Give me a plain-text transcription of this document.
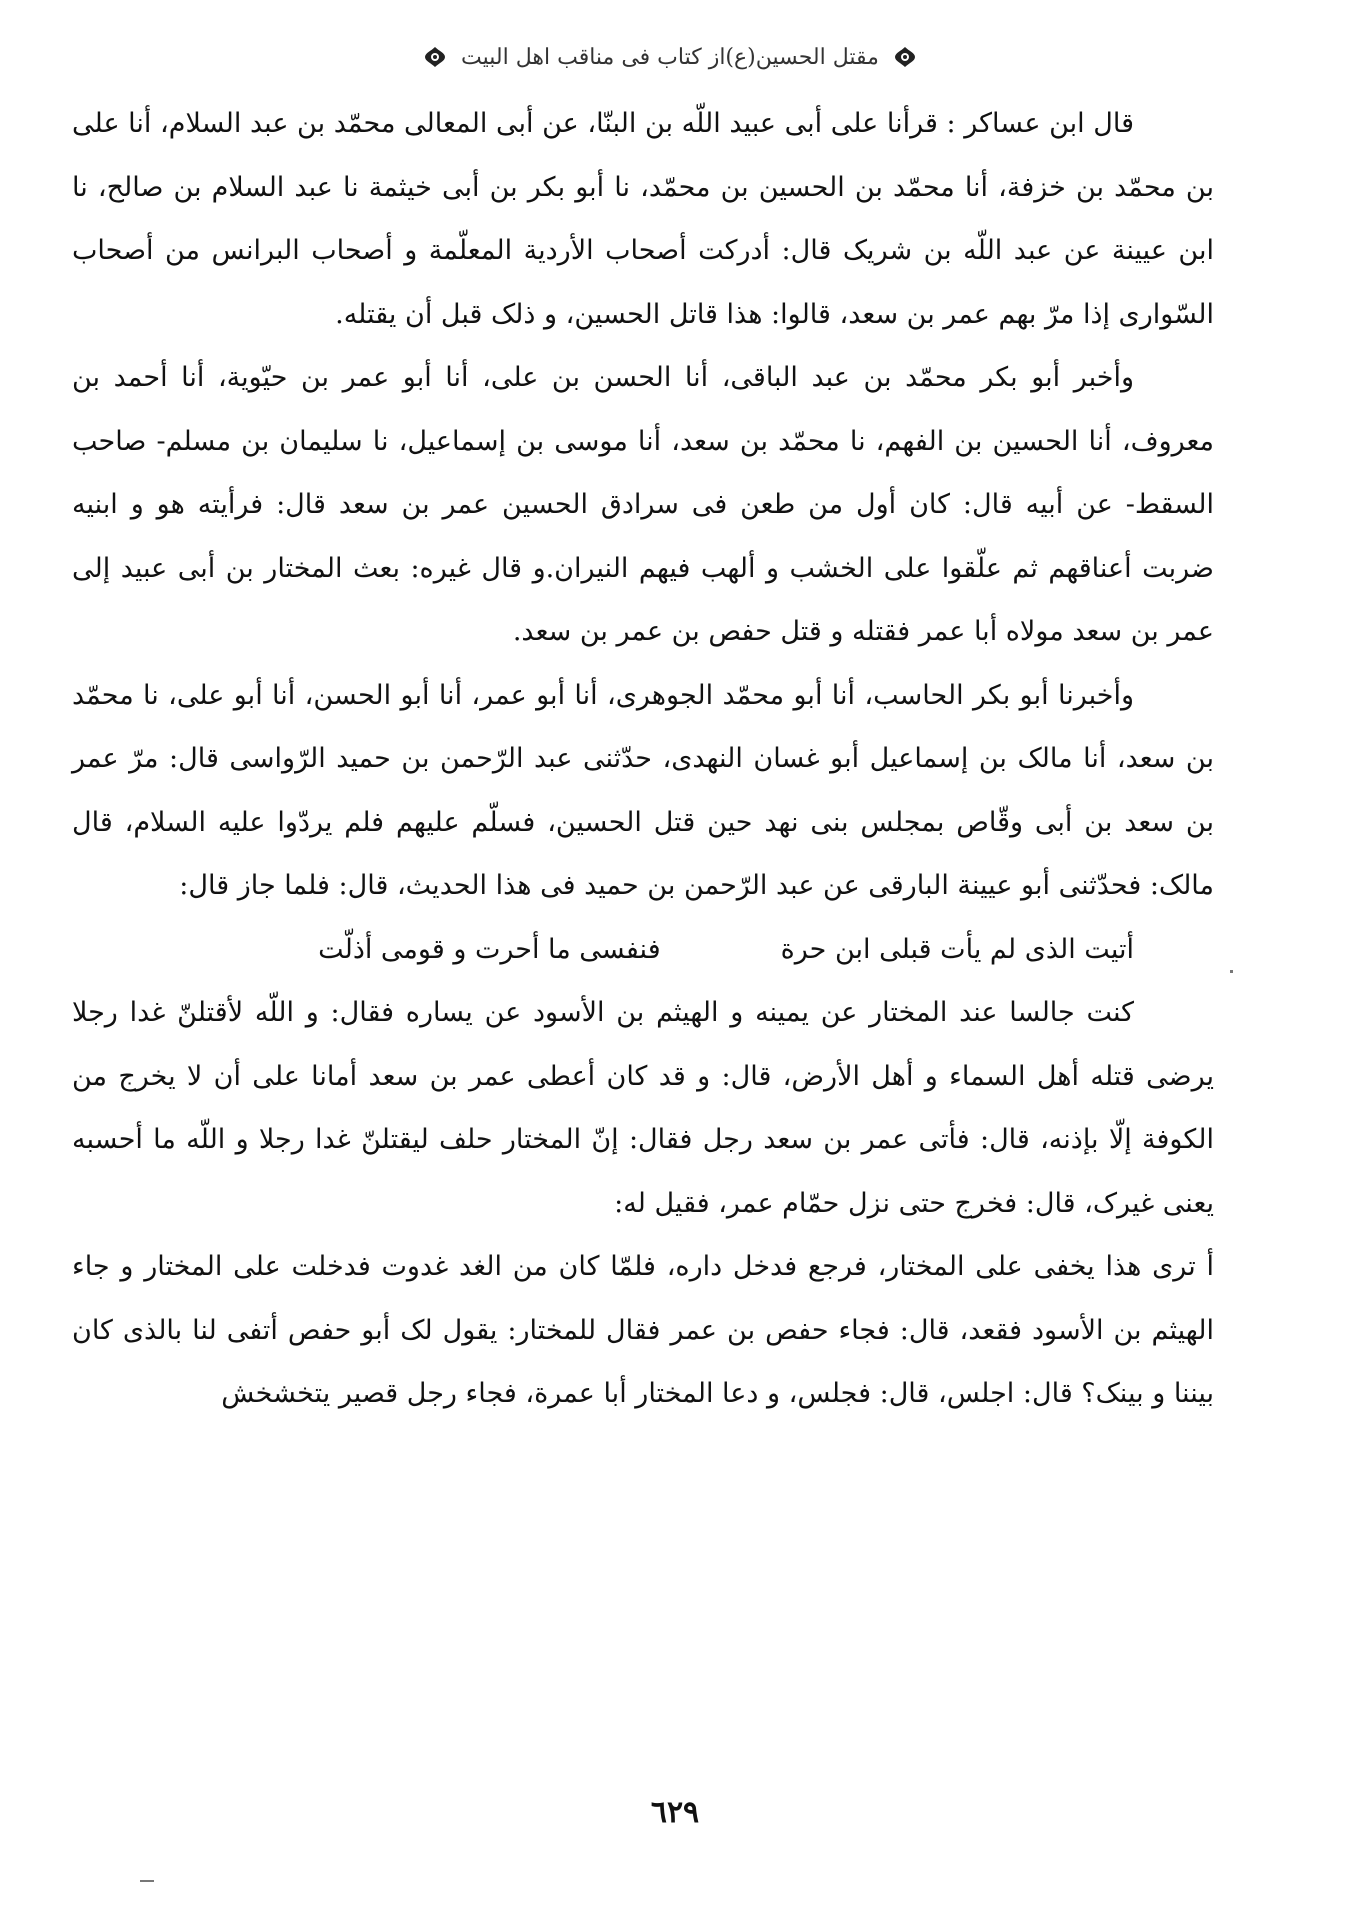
مقتل الحسين(ع)از كتاب فى مناقب اهل البيت

قال ابن عساكر : قرأنا على أبى عبيد اللّه بن البنّا، عن أبى المعالى محمّد بن عبد السلام، أنا على بن محمّد بن خزفة، أنا محمّد بن الحسين بن محمّد، نا أبو بكر بن أبى خيثمة نا عبد السلام بن صالح، نا ابن عيينة عن عبد اللّه بن شريک قال: أدركت أصحاب الأردية المعلّمة و أصحاب البرانس من أصحاب السّوارى إذا مرّ بهم عمر بن سعد، قالوا: هذا قاتل الحسين، و ذلک قبل أن يقتله.

وأخبر أبو بكر محمّد بن عبد الباقى، أنا الحسن بن على، أنا أبو عمر بن حيّوية، أنا أحمد بن معروف، أنا الحسين بن الفهم، نا محمّد بن سعد، أنا موسى بن إسماعيل، نا سليمان بن مسلم- صاحب السقط- عن أبيه قال: كان أول من طعن فى سرادق الحسين عمر بن سعد قال: فرأيته هو و ابنيه ضربت أعناقهم ثم علّقوا على الخشب و ألهب فيهم النيران.و قال غيره: بعث المختار بن أبى عبيد إلى عمر بن سعد مولاه أبا عمر فقتله و قتل حفص بن عمر بن سعد.

وأخبرنا أبو بكر الحاسب، أنا أبو محمّد الجوهرى، أنا أبو عمر، أنا أبو الحسن، أنا أبو على، نا محمّد بن سعد، أنا مالک بن إسماعيل أبو غسان النهدى، حدّثنى عبد الرّحمن بن حميد الرّواسى قال: مرّ عمر بن سعد بن أبى وقّاص بمجلس بنى نهد حين قتل الحسين، فسلّم عليهم فلم يردّوا عليه السلام، قال مالک: فحدّثنى أبو عيينة البارقى عن عبد الرّحمن بن حميد فى هذا الحديث، قال: فلما جاز قال:

أتيت الذى لم يأت قبلى ابن حرة
فنفسى ما أحرت و قومى أذلّت

كنت جالسا عند المختار عن يمينه و الهيثم بن الأسود عن يساره فقال: و اللّه لأقتلنّ غدا رجلا يرضى قتله أهل السماء و أهل الأرض، قال: و قد كان أعطى عمر بن سعد أمانا على أن لا يخرج من الكوفة إلّا بإذنه، قال: فأتى عمر بن سعد رجل فقال: إنّ المختار حلف ليقتلنّ غدا رجلا و اللّه ما أحسبه يعنى غيرک، قال: فخرج حتى نزل حمّام عمر، فقيل له:

أ ترى هذا يخفى على المختار، فرجع فدخل داره، فلمّا كان من الغد غدوت فدخلت على المختار و جاء الهيثم بن الأسود فقعد، قال: فجاء حفص بن عمر فقال للمختار: يقول لک أبو حفص أتفى لنا بالذى كان بيننا و بينک؟ قال: اجلس، قال: فجلس، و دعا المختار أبا عمرة، فجاء رجل قصير يتخشخش

٦٢٩
